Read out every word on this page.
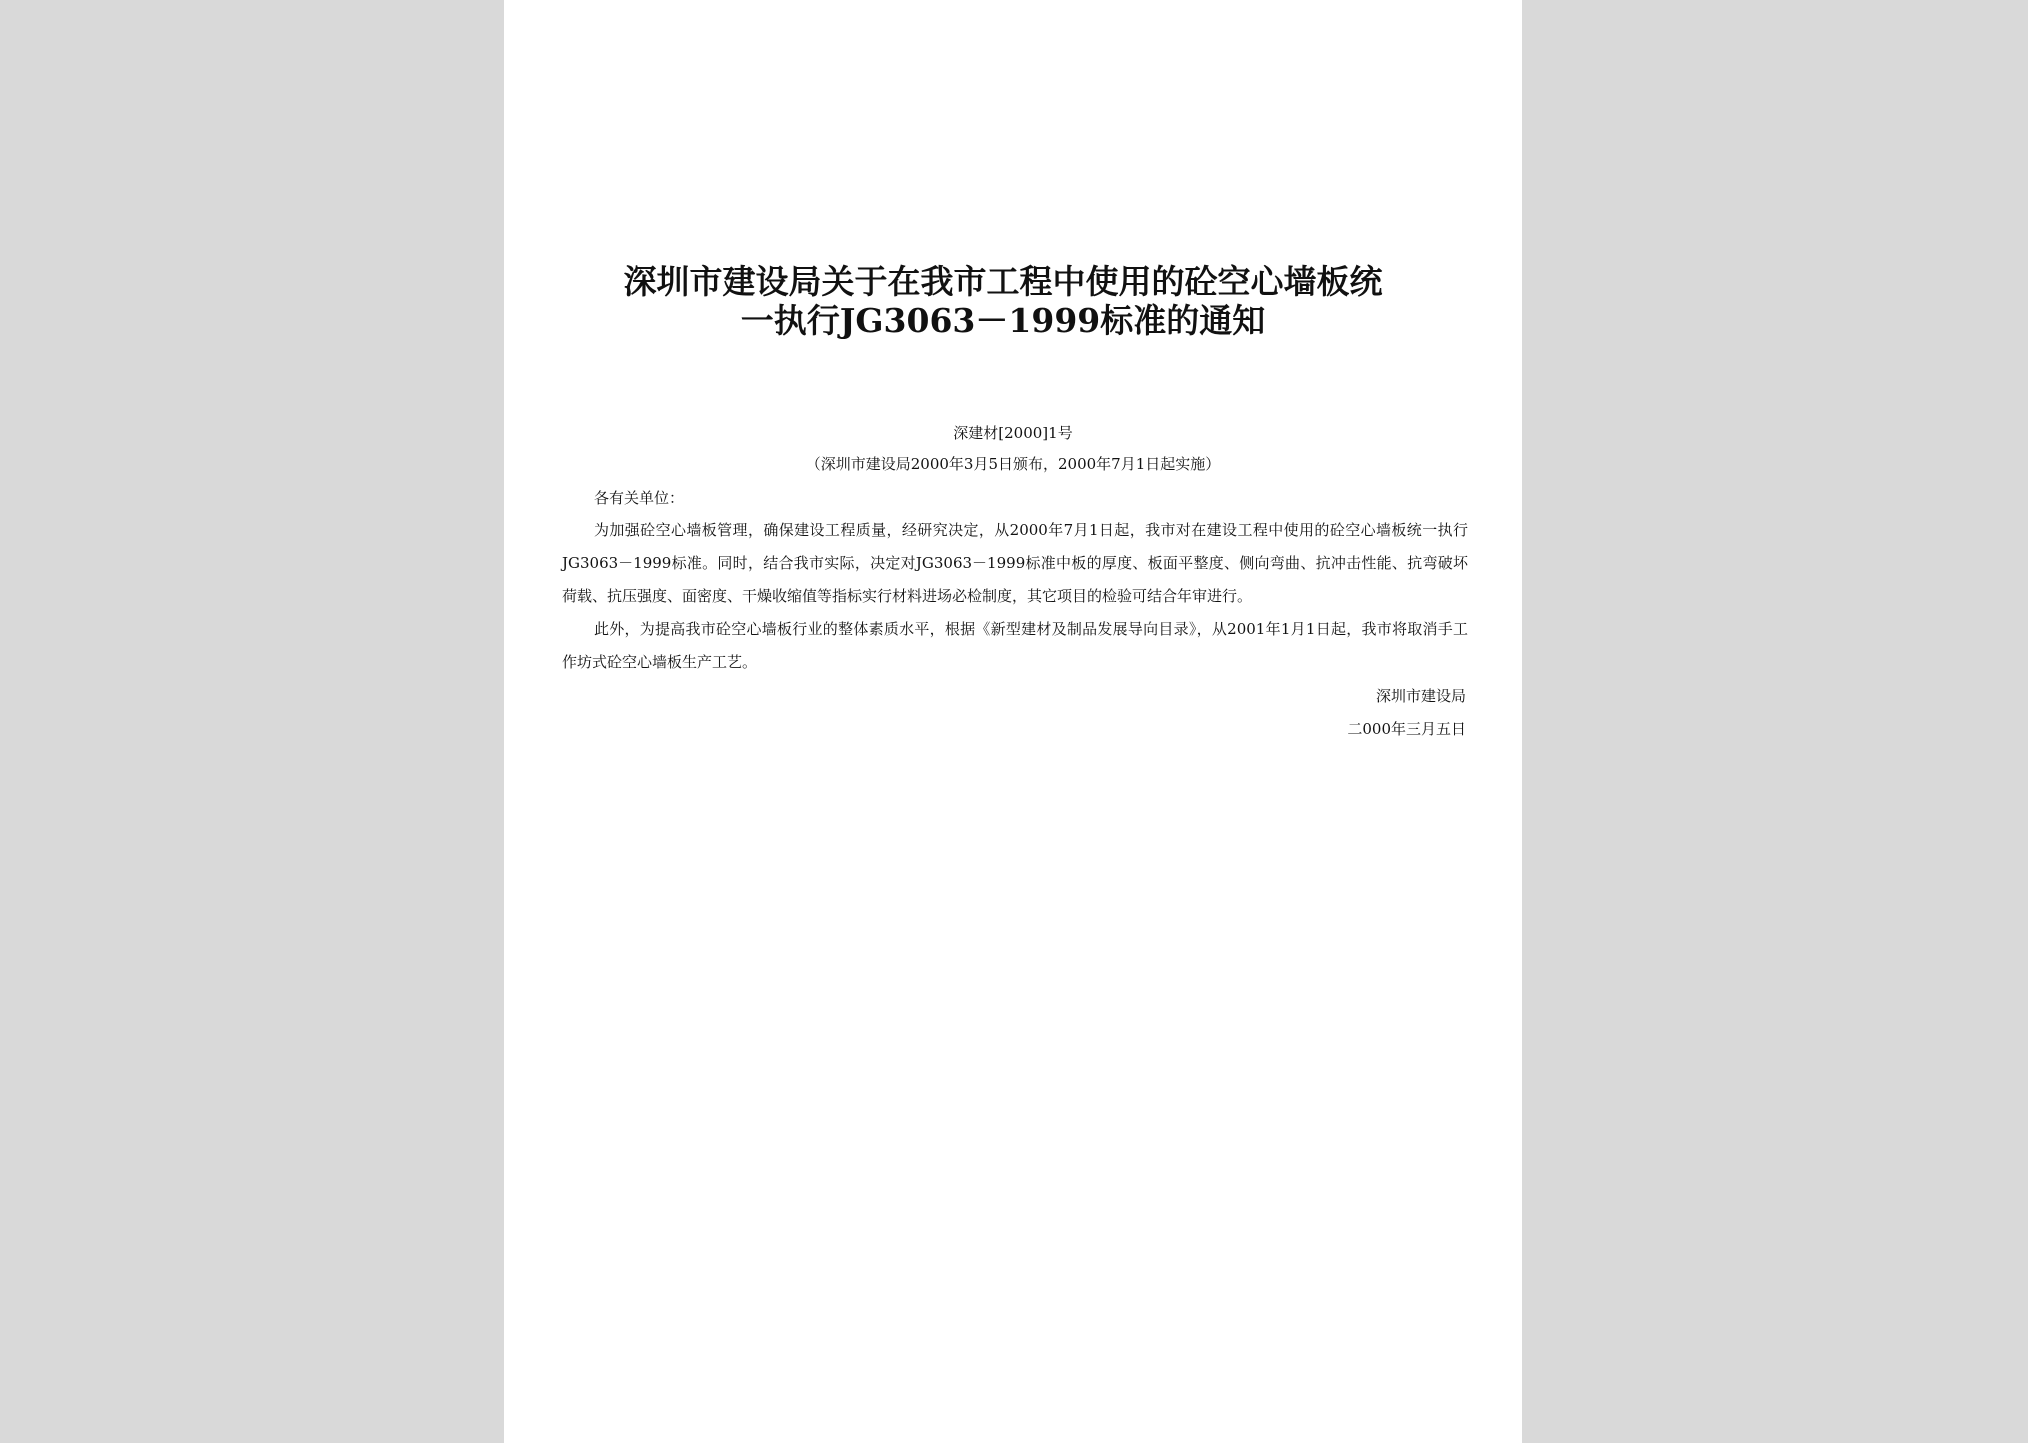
深圳市建设局关于在我市工程中使用的砼空心墙板统
一执行JG3063－1999标准的通知
深建材[2000]1号
（深圳市建设局2000年3月5日颁布，2000年7月1日起实施）

各有关单位：

为加强砼空心墙板管理，确保建设工程质量，经研究决定，从2000年7月1日起，我市对在建设工程中使用的砼空心墙板统一执行JG3063－1999标准。同时，结合我市实际，决定对JG3063－1999标准中板的厚度、板面平整度、侧向弯曲、抗冲击性能、抗弯破坏荷载、抗压强度、面密度、干燥收缩值等指标实行材料进场必检制度，其它项目的检验可结合年审进行。

此外，为提高我市砼空心墙板行业的整体素质水平，根据《新型建材及制品发展导向目录》，从2001年1月1日起，我市将取消手工作坊式砼空心墙板生产工艺。

深圳市建设局
二000年三月五日
